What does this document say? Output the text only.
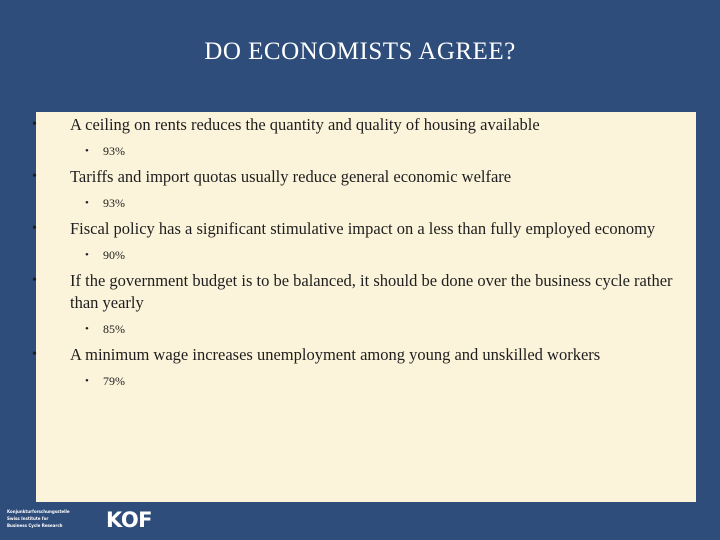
DO ECONOMISTS AGREE?
• A ceiling on rents reduces the quantity and quality of housing available
• 93%
• Tariffs and import quotas usually reduce general economic welfare
• 93%
• Fiscal policy has a significant stimulative impact on a less than fully employed economy
• 90%
• If the government budget is to be balanced, it should be done over the business cycle rather than yearly
• 85%
• A minimum wage increases unemployment among young and unskilled workers
• 79%
Konjunkturforschungsstelle
Swiss Institute for
Business Cycle Research	KOF
